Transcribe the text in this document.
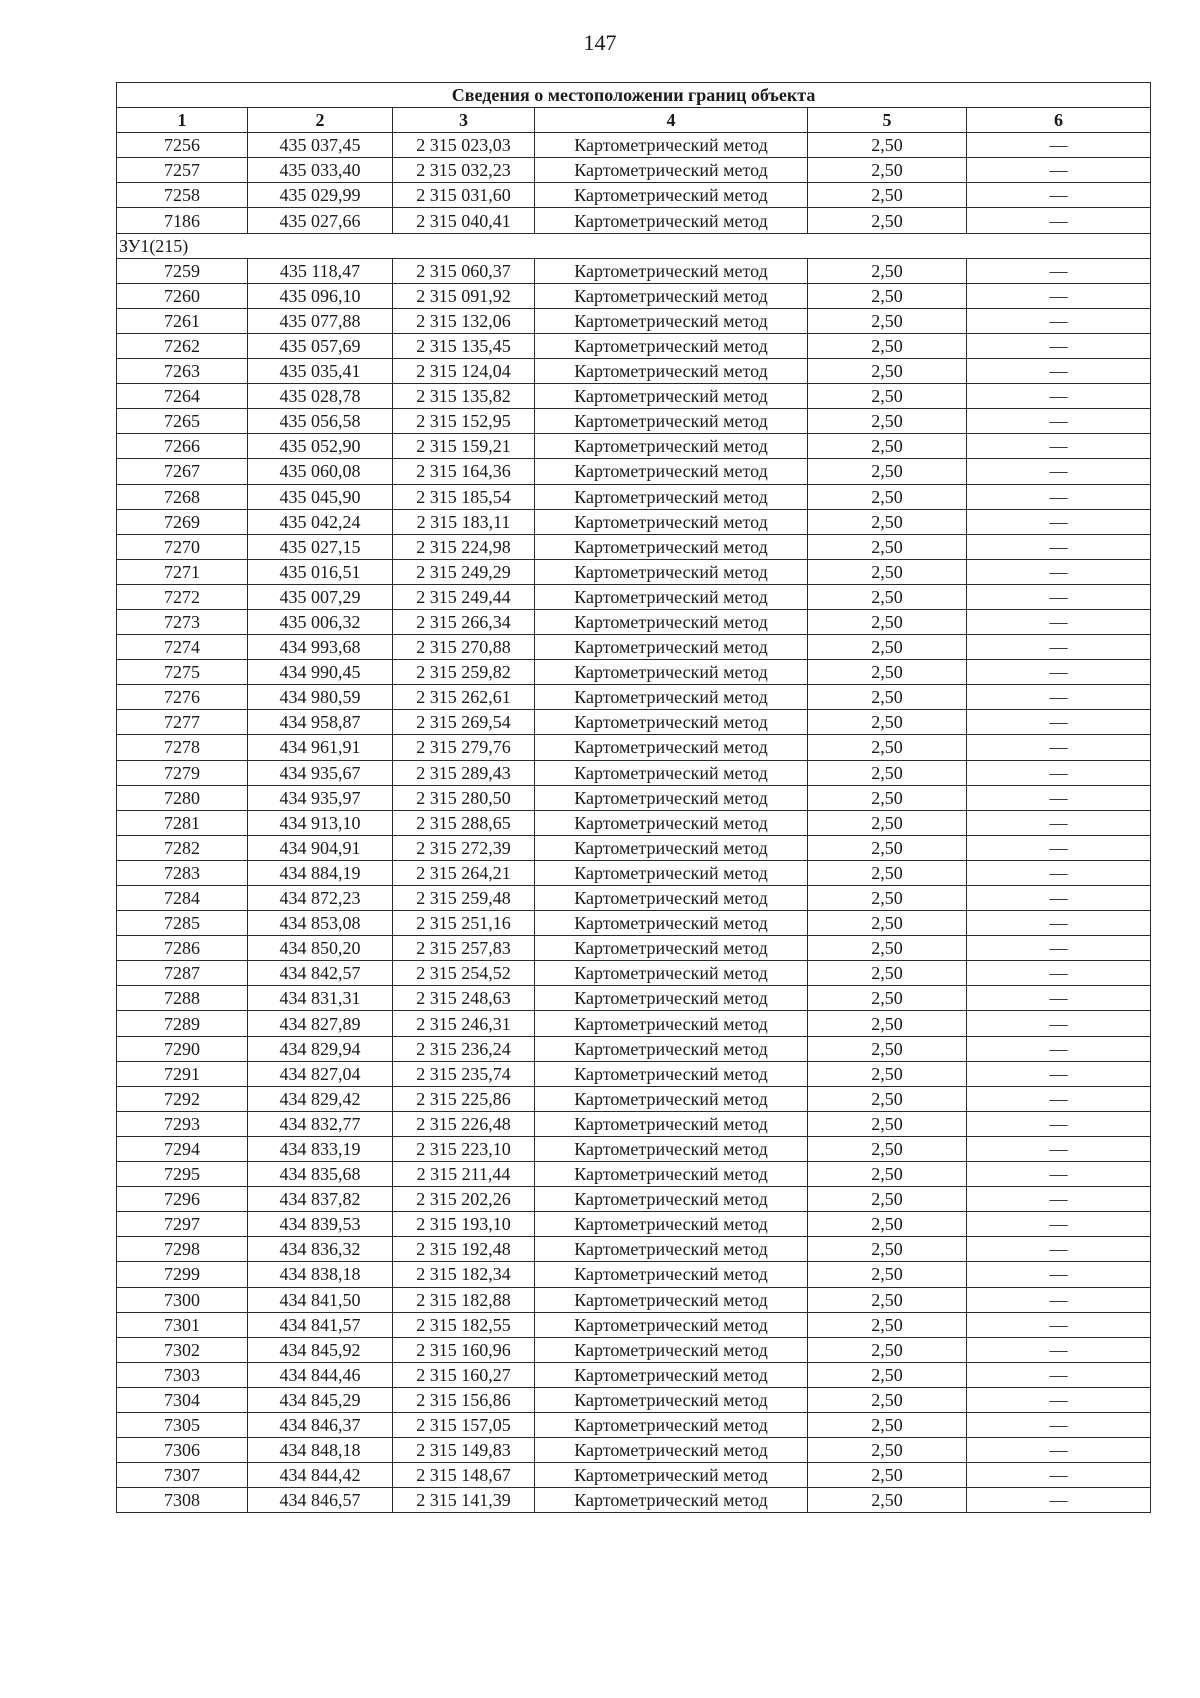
147
Сведения о местоположении границ объекта					
1	2	3	4	5	6
7256	435 037,45	2 315 023,03	Картометрический метод	2,50	—
7257	435 033,40	2 315 032,23	Картометрический метод	2,50	—
7258	435 029,99	2 315 031,60	Картометрический метод	2,50	—
7186	435 027,66	2 315 040,41	Картометрический метод	2,50	—
ЗУ1(215)					
7259	435 118,47	2 315 060,37	Картометрический метод	2,50	—
7260	435 096,10	2 315 091,92	Картометрический метод	2,50	—
7261	435 077,88	2 315 132,06	Картометрический метод	2,50	—
7262	435 057,69	2 315 135,45	Картометрический метод	2,50	—
7263	435 035,41	2 315 124,04	Картометрический метод	2,50	—
7264	435 028,78	2 315 135,82	Картометрический метод	2,50	—
7265	435 056,58	2 315 152,95	Картометрический метод	2,50	—
7266	435 052,90	2 315 159,21	Картометрический метод	2,50	—
7267	435 060,08	2 315 164,36	Картометрический метод	2,50	—
7268	435 045,90	2 315 185,54	Картометрический метод	2,50	—
7269	435 042,24	2 315 183,11	Картометрический метод	2,50	—
7270	435 027,15	2 315 224,98	Картометрический метод	2,50	—
7271	435 016,51	2 315 249,29	Картометрический метод	2,50	—
7272	435 007,29	2 315 249,44	Картометрический метод	2,50	—
7273	435 006,32	2 315 266,34	Картометрический метод	2,50	—
7274	434 993,68	2 315 270,88	Картометрический метод	2,50	—
7275	434 990,45	2 315 259,82	Картометрический метод	2,50	—
7276	434 980,59	2 315 262,61	Картометрический метод	2,50	—
7277	434 958,87	2 315 269,54	Картометрический метод	2,50	—
7278	434 961,91	2 315 279,76	Картометрический метод	2,50	—
7279	434 935,67	2 315 289,43	Картометрический метод	2,50	—
7280	434 935,97	2 315 280,50	Картометрический метод	2,50	—
7281	434 913,10	2 315 288,65	Картометрический метод	2,50	—
7282	434 904,91	2 315 272,39	Картометрический метод	2,50	—
7283	434 884,19	2 315 264,21	Картометрический метод	2,50	—
7284	434 872,23	2 315 259,48	Картометрический метод	2,50	—
7285	434 853,08	2 315 251,16	Картометрический метод	2,50	—
7286	434 850,20	2 315 257,83	Картометрический метод	2,50	—
7287	434 842,57	2 315 254,52	Картометрический метод	2,50	—
7288	434 831,31	2 315 248,63	Картометрический метод	2,50	—
7289	434 827,89	2 315 246,31	Картометрический метод	2,50	—
7290	434 829,94	2 315 236,24	Картометрический метод	2,50	—
7291	434 827,04	2 315 235,74	Картометрический метод	2,50	—
7292	434 829,42	2 315 225,86	Картометрический метод	2,50	—
7293	434 832,77	2 315 226,48	Картометрический метод	2,50	—
7294	434 833,19	2 315 223,10	Картометрический метод	2,50	—
7295	434 835,68	2 315 211,44	Картометрический метод	2,50	—
7296	434 837,82	2 315 202,26	Картометрический метод	2,50	—
7297	434 839,53	2 315 193,10	Картометрический метод	2,50	—
7298	434 836,32	2 315 192,48	Картометрический метод	2,50	—
7299	434 838,18	2 315 182,34	Картометрический метод	2,50	—
7300	434 841,50	2 315 182,88	Картометрический метод	2,50	—
7301	434 841,57	2 315 182,55	Картометрический метод	2,50	—
7302	434 845,92	2 315 160,96	Картометрический метод	2,50	—
7303	434 844,46	2 315 160,27	Картометрический метод	2,50	—
7304	434 845,29	2 315 156,86	Картометрический метод	2,50	—
7305	434 846,37	2 315 157,05	Картометрический метод	2,50	—
7306	434 848,18	2 315 149,83	Картометрический метод	2,50	—
7307	434 844,42	2 315 148,67	Картометрический метод	2,50	—
7308	434 846,57	2 315 141,39	Картометрический метод	2,50	—
